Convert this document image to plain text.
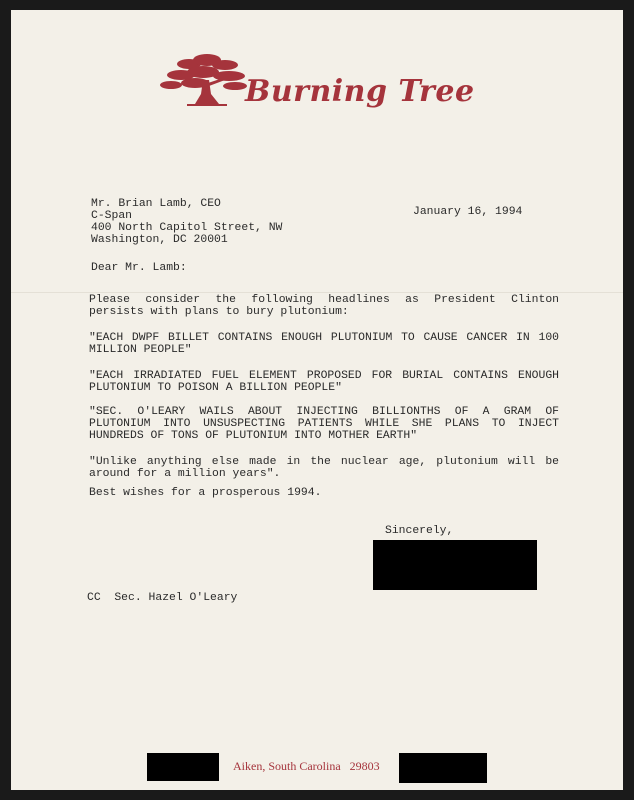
Burning Tree
Mr. Brian Lamb, CEO
C-Span
400 North Capitol Street, NW
Washington, DC 20001
January 16, 1994
Dear Mr. Lamb:
Please consider the following headlines as President Clinton persists with plans to bury plutonium:
"EACH DWPF BILLET CONTAINS ENOUGH PLUTONIUM TO CAUSE CANCER IN 100 MILLION PEOPLE"
"EACH IRRADIATED FUEL ELEMENT PROPOSED FOR BURIAL CONTAINS ENOUGH PLUTONIUM TO POISON A BILLION PEOPLE"
"SEC. O'LEARY WAILS ABOUT INJECTING BILLIONTHS OF A GRAM OF PLUTONIUM INTO UNSUSPECTING PATIENTS WHILE SHE PLANS TO INJECT HUNDREDS OF TONS OF PLUTONIUM INTO MOTHER EARTH"
"Unlike anything else made in the nuclear age, plutonium will be around for a million years".
Best wishes for a prosperous 1994.
Sincerely,
CC  Sec. Hazel O'Leary
Aiken, South Carolina   29803
